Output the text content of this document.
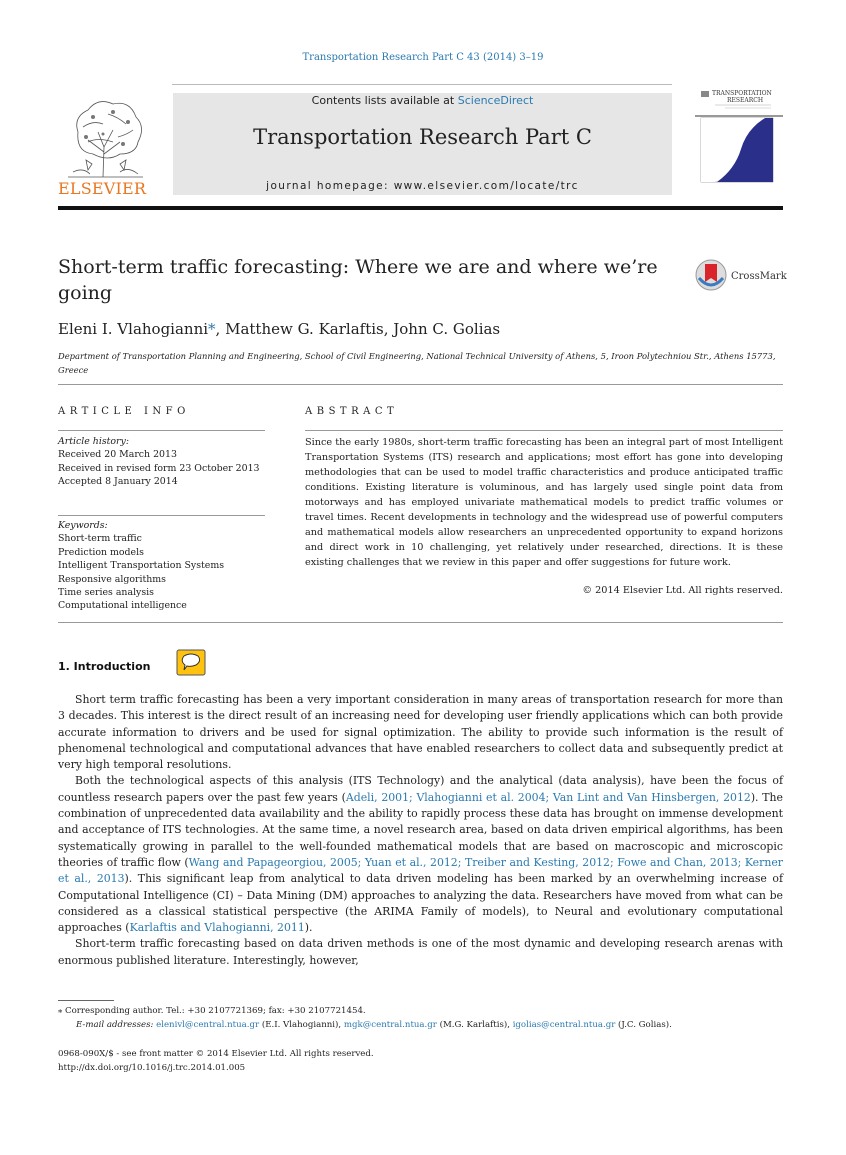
Transportation Research Part C 43 (2014) 3–19
ELSEVIER
Contents lists available at ScienceDirect
Transportation Research Part C
journal homepage: www.elsevier.com/locate/trc
TRANSPORTATION
RESEARCH
Short-term traffic forecasting: Where we are and where we’re going
CrossMark
Eleni I. Vlahogianni*, Matthew G. Karlaftis, John C. Golias
Department of Transportation Planning and Engineering, School of Civil Engineering, National Technical University of Athens, 5, Iroon Polytechniou Str., Athens 15773, Greece
ARTICLE INFO
Article history:
Received 20 March 2013
Received in revised form 23 October 2013
Accepted 8 January 2014
Keywords:
Short-term traffic
Prediction models
Intelligent Transportation Systems
Responsive algorithms
Time series analysis
Computational intelligence
ABSTRACT
Since the early 1980s, short-term traffic forecasting has been an integral part of most Intelligent Transportation Systems (ITS) research and applications; most effort has gone into developing methodologies that can be used to model traffic characteristics and produce anticipated traffic conditions. Existing literature is voluminous, and has largely used single point data from motorways and has employed univariate mathematical models to predict traffic volumes or travel times. Recent developments in technology and the widespread use of powerful computers and mathematical models allow researchers an unprecedented opportunity to expand horizons and direct work in 10 challenging, yet relatively under researched, directions. It is these existing challenges that we review in this paper and offer suggestions for future work.
© 2014 Elsevier Ltd. All rights reserved.
1. Introduction

Short term traffic forecasting has been a very important consideration in many areas of transportation research for more than 3 decades. This interest is the direct result of an increasing need for developing user friendly applications which can both provide accurate information to drivers and be used for signal optimization. The ability to provide such information is the result of phenomenal technological and computational advances that have enabled researchers to collect data and subsequently predict at very high temporal resolutions.

Both the technological aspects of this analysis (ITS Technology) and the analytical (data analysis), have been the focus of countless research papers over the past few years (Adeli, 2001; Vlahogianni et al. 2004; Van Lint and Van Hinsbergen, 2012). The combination of unprecedented data availability and the ability to rapidly process these data has brought on immense development and acceptance of ITS technologies. At the same time, a novel research area, based on data driven empirical algorithms, has been systematically growing in parallel to the well-founded mathematical models that are based on macroscopic and microscopic theories of traffic flow (Wang and Papageorgiou, 2005; Yuan et al., 2012; Treiber and Kesting, 2012; Fowe and Chan, 2013; Kerner et al., 2013). This significant leap from analytical to data driven modeling has been marked by an overwhelming increase of Computational Intelligence (CI) – Data Mining (DM) approaches to analyzing the data. Researchers have moved from what can be considered as a classical statistical perspective (the ARIMA Family of models), to Neural and evolutionary computational approaches (Karlaftis and Vlahogianni, 2011).

Short-term traffic forecasting based on data driven methods is one of the most dynamic and developing research arenas with enormous published literature. Interestingly, however,

⁎ Corresponding author. Tel.: +30 2107721369; fax: +30 2107721454.
E-mail addresses: elenivl@central.ntua.gr (E.I. Vlahogianni), mgk@central.ntua.gr (M.G. Karlaftis), igolias@central.ntua.gr (J.C. Golias).
0968-090X/$ - see front matter © 2014 Elsevier Ltd. All rights reserved.
http://dx.doi.org/10.1016/j.trc.2014.01.005
